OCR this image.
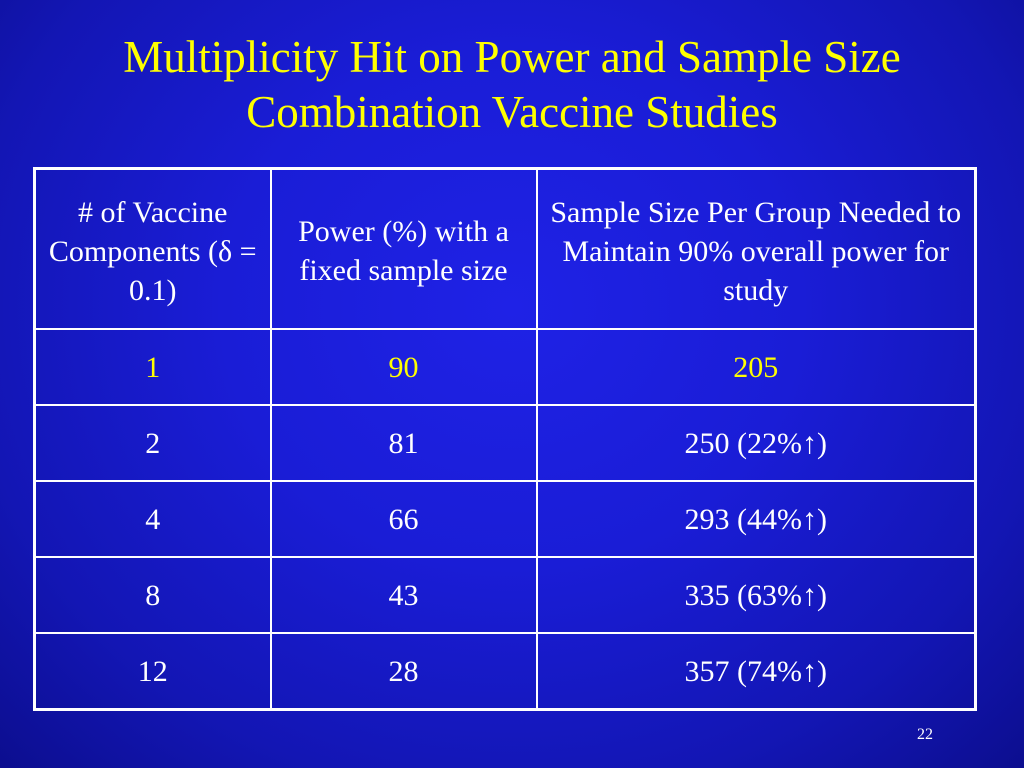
Multiplicity Hit on Power and Sample Size
Combination Vaccine Studies
# of Vaccine Components (δ = 0.1)	Power (%) with a fixed sample size	Sample Size Per Group Needed to Maintain 90% overall power for study
1	90	205
2	81	250 (22%↑)
4	66	293 (44%↑)
8	43	335 (63%↑)
12	28	357 (74%↑)
22
